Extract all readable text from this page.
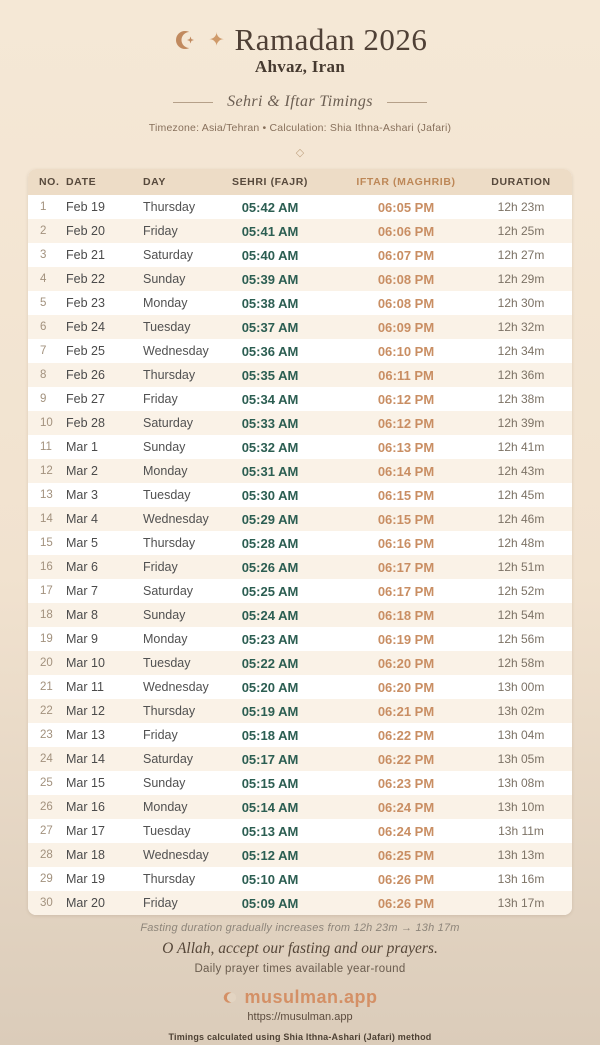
✦ Ramadan 2026
Ahvaz, Iran
Sehri & Iftar Timings
Timezone: Asia/Tehran • Calculation: Shia Ithna-Ashari (Jafari)
◇
NO.	DATE	DAY	SEHRI (FAJR)	IFTAR (MAGHRIB)	DURATION
1	Feb 19	Thursday	05:42 AM	06:05 PM	12h 23m
2	Feb 20	Friday	05:41 AM	06:06 PM	12h 25m
3	Feb 21	Saturday	05:40 AM	06:07 PM	12h 27m
4	Feb 22	Sunday	05:39 AM	06:08 PM	12h 29m
5	Feb 23	Monday	05:38 AM	06:08 PM	12h 30m
6	Feb 24	Tuesday	05:37 AM	06:09 PM	12h 32m
7	Feb 25	Wednesday	05:36 AM	06:10 PM	12h 34m
8	Feb 26	Thursday	05:35 AM	06:11 PM	12h 36m
9	Feb 27	Friday	05:34 AM	06:12 PM	12h 38m
10	Feb 28	Saturday	05:33 AM	06:12 PM	12h 39m
11	Mar 1	Sunday	05:32 AM	06:13 PM	12h 41m
12	Mar 2	Monday	05:31 AM	06:14 PM	12h 43m
13	Mar 3	Tuesday	05:30 AM	06:15 PM	12h 45m
14	Mar 4	Wednesday	05:29 AM	06:15 PM	12h 46m
15	Mar 5	Thursday	05:28 AM	06:16 PM	12h 48m
16	Mar 6	Friday	05:26 AM	06:17 PM	12h 51m
17	Mar 7	Saturday	05:25 AM	06:17 PM	12h 52m
18	Mar 8	Sunday	05:24 AM	06:18 PM	12h 54m
19	Mar 9	Monday	05:23 AM	06:19 PM	12h 56m
20	Mar 10	Tuesday	05:22 AM	06:20 PM	12h 58m
21	Mar 11	Wednesday	05:20 AM	06:20 PM	13h 00m
22	Mar 12	Thursday	05:19 AM	06:21 PM	13h 02m
23	Mar 13	Friday	05:18 AM	06:22 PM	13h 04m
24	Mar 14	Saturday	05:17 AM	06:22 PM	13h 05m
25	Mar 15	Sunday	05:15 AM	06:23 PM	13h 08m
26	Mar 16	Monday	05:14 AM	06:24 PM	13h 10m
27	Mar 17	Tuesday	05:13 AM	06:24 PM	13h 11m
28	Mar 18	Wednesday	05:12 AM	06:25 PM	13h 13m
29	Mar 19	Thursday	05:10 AM	06:26 PM	13h 16m
30	Mar 20	Friday	05:09 AM	06:26 PM	13h 17m
Fasting duration gradually increases from 12h 23m → 13h 17m
O Allah, accept our fasting and our prayers.
Daily prayer times available year-round
musulman.app
https://musulman.app
Timings calculated using Shia Ithna-Ashari (Jafari) method
